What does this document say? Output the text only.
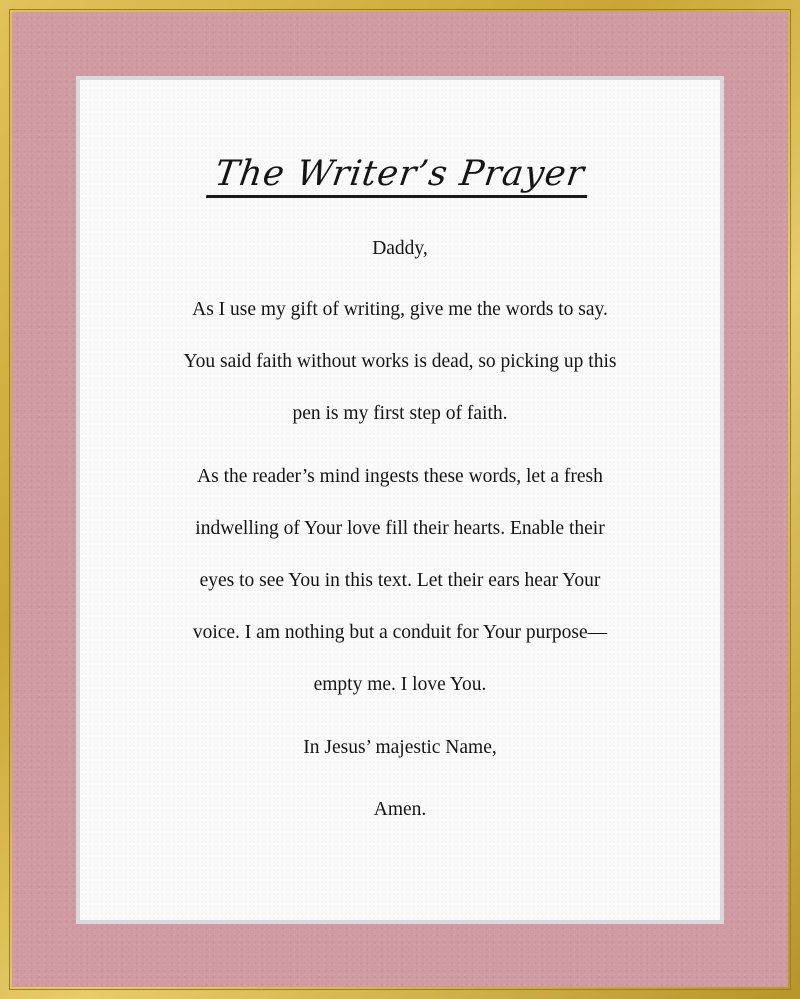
The Writer’s Prayer
Daddy,
As I use my gift of writing, give me the words to say.
You said faith without works is dead, so picking up this
pen is my first step of faith.
As the reader’s mind ingests these words, let a fresh
indwelling of Your love fill their hearts. Enable their
eyes to see You in this text. Let their ears hear Your
voice. I am nothing but a conduit for Your purpose—
empty me. I love You.
In Jesus’ majestic Name,
Amen.
